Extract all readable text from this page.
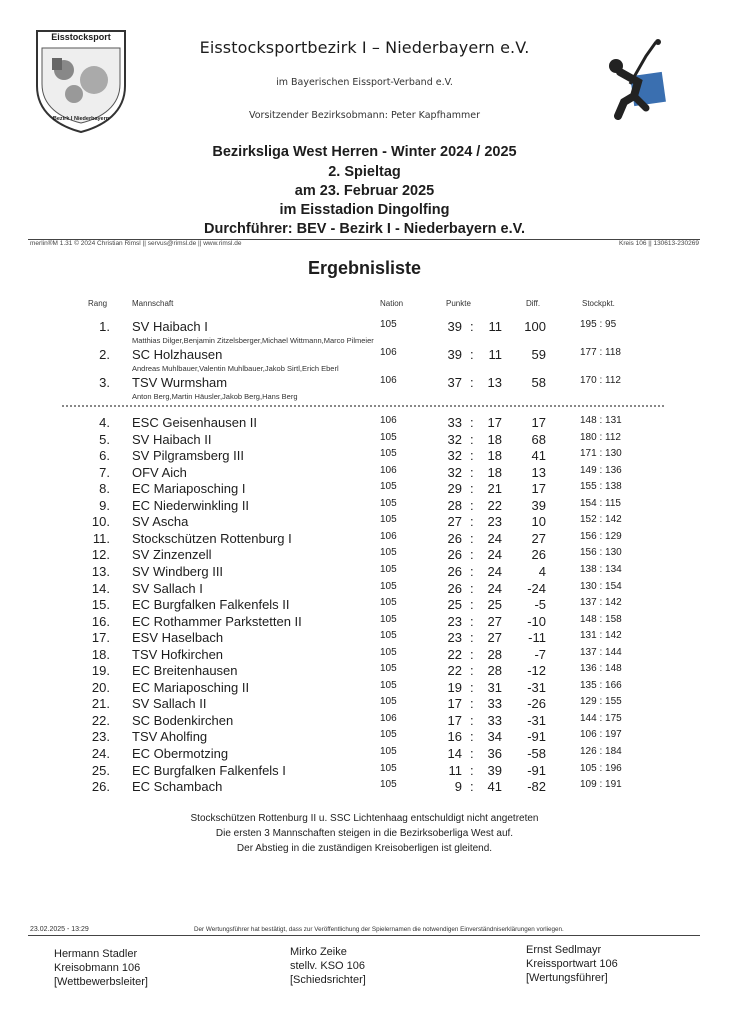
Eisstocksport
Bezirk I Niederbayern
Eisstocksportbezirk I – Niederbayern e.V.
im Bayerischen Eissport-Verband e.V.
Vorsitzender Bezirksobmann: Peter Kapfhammer
Bezirksliga West Herren - Winter 2024 / 2025
2. Spieltag
am 23. Februar 2025
im Eisstadion Dingolfing
Durchführer: BEV - Bezirk I - Niederbayern e.V.
merlin®M 1.31 © 2024 Christian Rimsl || servus@rimsl.de || www.rimsl.de	Kreis 106 || 130613-230269
Ergebnisliste
Rang	Mannschaft	Nation	Punkte	Diff.	Stockpkt.
1. SV Haibach I	105	39 :	11	100	195 : 95
Matthias Dilger,Benjamin Zitzelsberger,Michael Wittmann,Marco Pilmeier
2. SC Holzhausen	106	39 :	11	59	177 : 118
Andreas Muhlbauer,Valentin Muhlbauer,Jakob Sirtl,Erich Eberl
3. TSV Wurmsham	106	37 :	13	58	170 : 112
Anton Berg,Martin Häusler,Jakob Berg,Hans Berg
4. ESC Geisenhausen II	106	33 :	17	17	148 : 131
5. SV Haibach II	105	32 :	18	68	180 : 112
6. SV Pilgramsberg III	105	32 :	18	41	171 : 130
7. OFV Aich	106	32 :	18	13	149 : 136
8. EC Mariaposching I	105	29 :	21	17	155 : 138
9. EC Niederwinkling II	105	28 :	22	39	154 : 115
10. SV Ascha	105	27 :	23	10	152 : 142
11. Stockschützen Rottenburg I	106	26 :	24	27	156 : 129
12. SV Zinzenzell	105	26 :	24	26	156 : 130
13. SV Windberg III	105	26 :	24	4	138 : 134
14. SV Sallach I	105	26 :	24	-24	130 : 154
15. EC Burgfalken Falkenfels II	105	25 :	25	-5	137 : 142
16. EC Rothammer Parkstetten II	105	23 :	27	-10	148 : 158
17. ESV Haselbach	105	23 :	27	-11	131 : 142
18. TSV Hofkirchen	105	22 :	28	-7	137 : 144
19. EC Breitenhausen	105	22 :	28	-12	136 : 148
20. EC Mariaposching II	105	19 :	31	-31	135 : 166
21. SV Sallach II	105	17 :	33	-26	129 : 155
22. SC Bodenkirchen	106	17 :	33	-31	144 : 175
23. TSV Aholfing	105	16 :	34	-91	106 : 197
24. EC Obermotzing	105	14 :	36	-58	126 : 184
25. EC Burgfalken Falkenfels I	105	11 :	39	-91	105 : 196
26. EC Schambach	105	9 :	41	-82	109 : 191
Stockschützen Rottenburg II u. SSC Lichtenhaag entschuldigt nicht angetreten
Die ersten 3 Mannschaften steigen in die Bezirksoberliga West auf.
Der Abstieg in die zuständigen Kreisoberligen ist gleitend.
23.02.2025 - 13:29	Der Wertungsführer hat bestätigt, dass zur Veröffentlichung der Spielernamen die notwendigen Einverständniserklärungen vorliegen.
Hermann Stadler
Kreisobmann 106
[Wettbewerbsleiter]
Mirko Zeike
stellv. KSO 106
[Schiedsrichter]
Ernst Sedlmayr
Kreissportwart 106
[Wertungsführer]
